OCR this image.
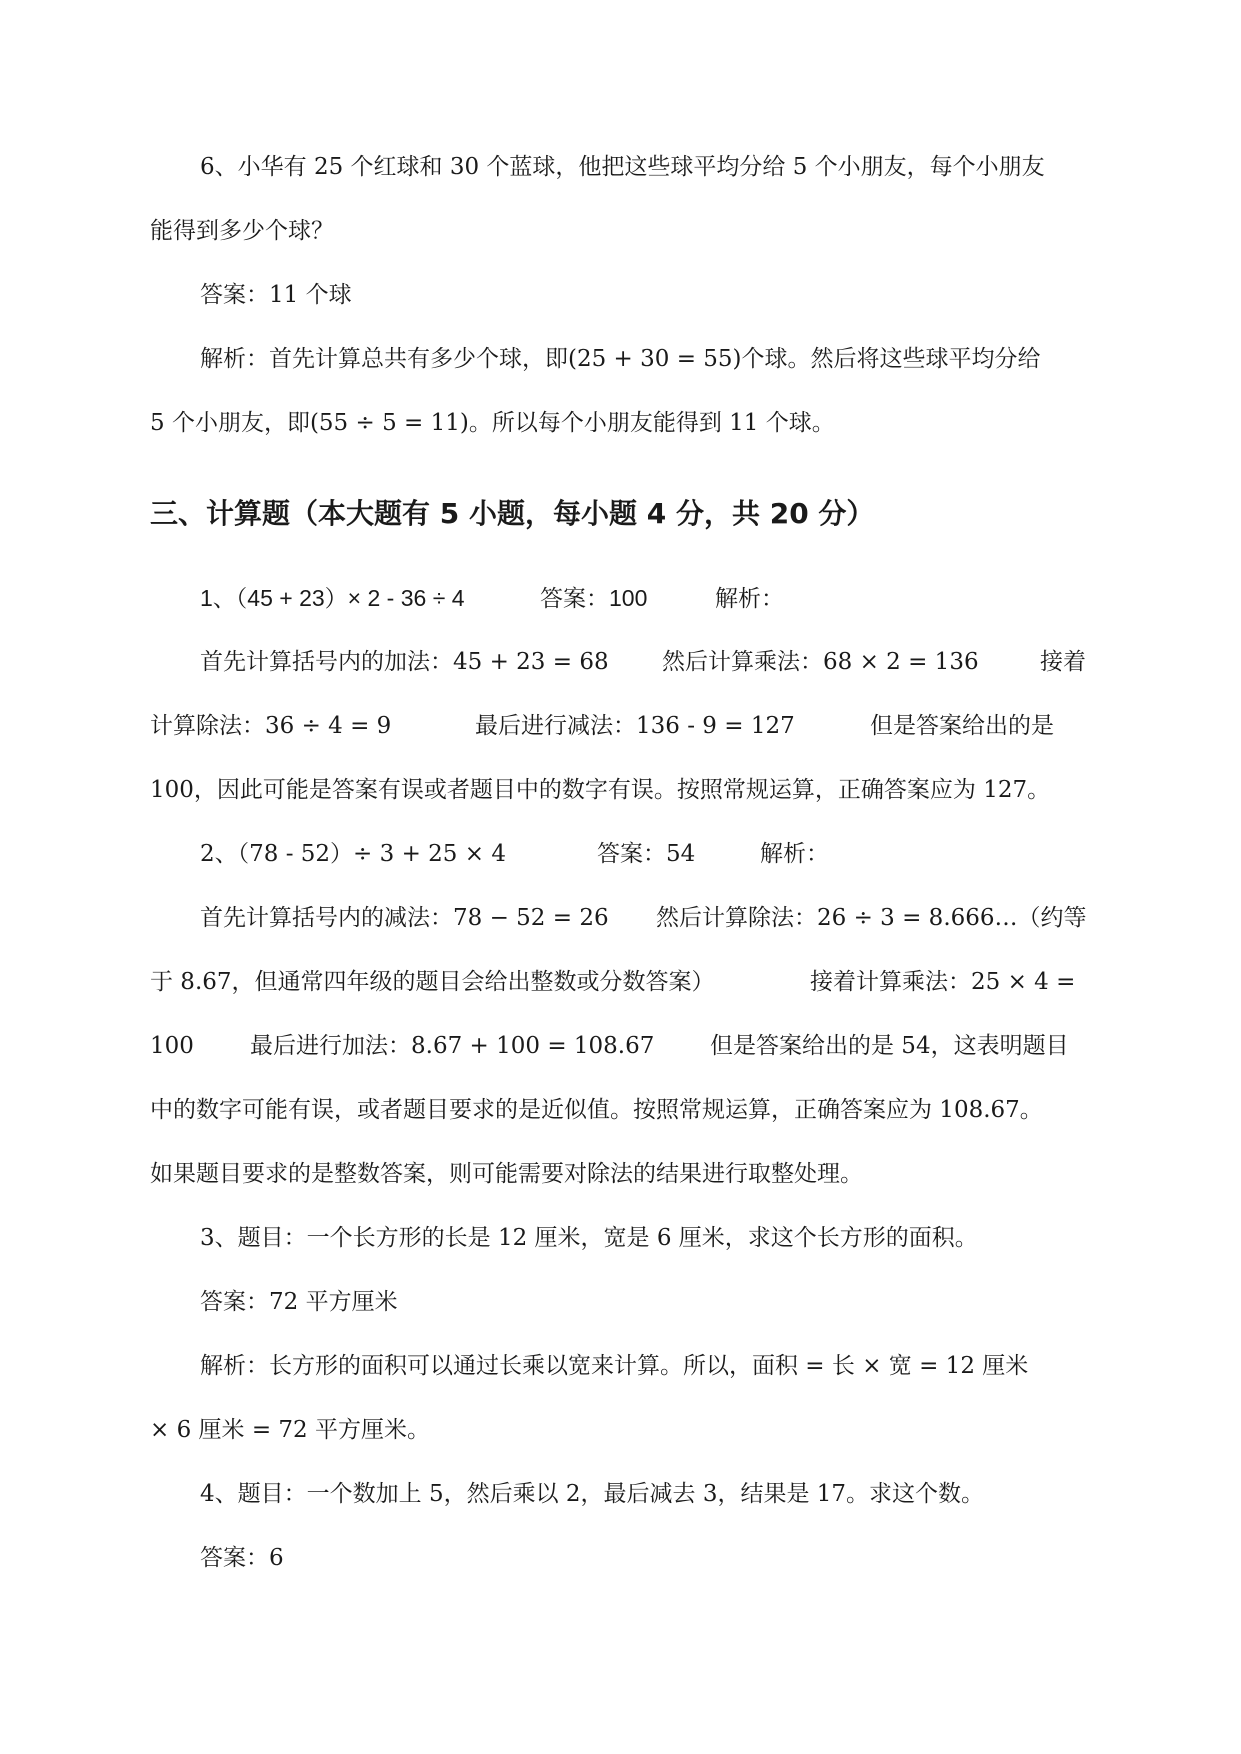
6、小华有 25 个红球和 30 个蓝球，他把这些球平均分给 5 个小朋友，每个小朋友
能得到多少个球？
答案：11 个球
解析：首先计算总共有多少个球，即(25 + 30 = 55)个球。然后将这些球平均分给
5 个小朋友，即(55 ÷ 5 = 11)。所以每个小朋友能得到 11 个球。
三、计算题（本大题有 5 小题，每小题 4 分，共 20 分）
1、（45 + 23）× 2 - 36 ÷ 4	答案：100	解析：
首先计算括号内的加法：45 + 23 = 68 然后计算乘法：68 × 2 = 136	接着
计算除法：36 ÷ 4 = 9	最后进行减法：136 - 9 = 127	但是答案给出的是
100，因此可能是答案有误或者题目中的数字有误。按照常规运算，正确答案应为 127。
2、（78 - 52）÷ 3 + 25 × 4	答案：54	解析：
首先计算括号内的减法：78 − 52 = 26 然后计算除法：26 ÷ 3 = 8.666…（约等
于 8.67，但通常四年级的题目会给出整数或分数答案）	接着计算乘法：25 × 4 =
100 最后进行加法：8.67 + 100 = 108.67 但是答案给出的是 54，这表明题目
中的数字可能有误，或者题目要求的是近似值。按照常规运算，正确答案应为 108.67。
如果题目要求的是整数答案，则可能需要对除法的结果进行取整处理。
3、题目：一个长方形的长是 12 厘米，宽是 6 厘米，求这个长方形的面积。
答案：72 平方厘米
解析：长方形的面积可以通过长乘以宽来计算。所以，面积 = 长 × 宽 = 12 厘米
× 6 厘米 = 72 平方厘米。
4、题目：一个数加上 5，然后乘以 2，最后减去 3，结果是 17。求这个数。
答案：6
